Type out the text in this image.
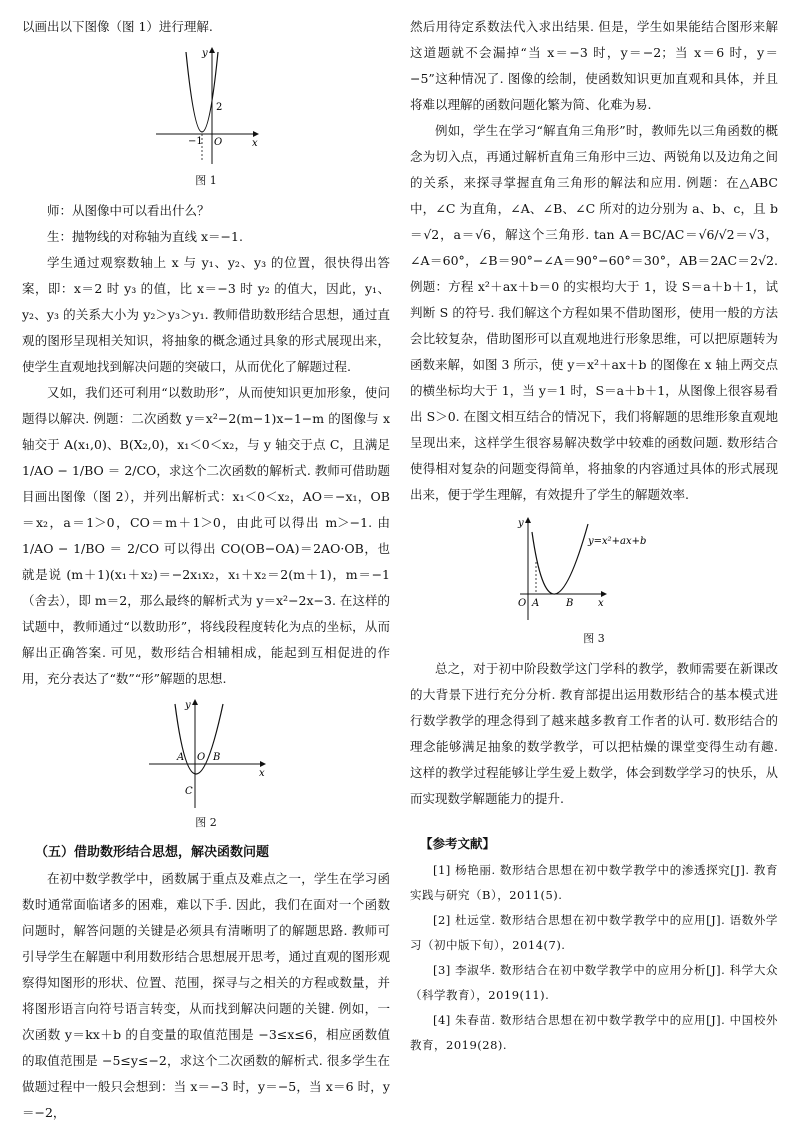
以画出以下图像（图 1）进行理解.

y
x
2
−1 O
图 1

师：从图像中可以看出什么？

生：抛物线的对称轴为直线 x＝−1.

学生通过观察数轴上 x 与 y₁、y₂、y₃ 的位置，很快得出答案，即：x＝2 时 y₃ 的值，比 x＝−3 时 y₂ 的值大，因此，y₁、y₂、y₃ 的关系大小为 y₂＞y₃＞y₁. 教师借助数形结合思想，通过直观的图形呈现相关知识，将抽象的概念通过具象的形式展现出来，使学生直观地找到解决问题的突破口，从而优化了解题过程.

又如，我们还可利用“以数助形”，从而使知识更加形象，使问题得以解决. 例题：二次函数 y＝x²−2(m−1)x−1−m 的图像与 x 轴交于 A(x₁,0)、B(X₂,0)，x₁＜0＜x₂，与 y 轴交于点 C，且满足 1/AO − 1/BO ＝ 2/CO，求这个二次函数的解析式. 教师可借助题目画出图像（图 2），并列出解析式：x₁＜0＜x₂，AO＝−x₁，OB＝x₂，a＝1＞0，CO＝m＋1＞0，由此可以得出 m＞−1. 由 1/AO − 1/BO ＝ 2/CO 可以得出 CO(OB−OA)＝2AO·OB，也就是说 (m＋1)(x₁＋x₂)＝−2x₁x₂，x₁＋x₂＝2(m＋1)，m＝−1（舍去），即 m＝2，那么最终的解析式为 y＝x²−2x−3. 在这样的试题中，教师通过“以数助形”，将线段程度转化为点的坐标，从而解出正确答案. 可见，数形结合相辅相成，能起到互相促进的作用，充分表达了“数”“形”解题的思想.

y
x
A O B
C
图 2
（五）借助数形结合思想，解决函数问题

在初中数学教学中，函数属于重点及难点之一，学生在学习函数时通常面临诸多的困难，难以下手. 因此，我们在面对一个函数问题时，解答问题的关键是必须具有清晰明了的解题思路. 教师可引导学生在解题中利用数形结合思想展开思考，通过直观的图形观察得知图形的形状、位置、范围，探寻与之相关的方程或数量，并将图形语言向符号语言转变，从而找到解决问题的关键. 例如，一次函数 y＝kx＋b 的自变量的取值范围是 −3≤x≤6，相应函数值的取值范围是 −5≤y≤−2，求这个二次函数的解析式. 很多学生在做题过程中一般只会想到：当 x＝−3 时，y＝−5，当 x＝6 时，y＝−2，

然后用待定系数法代入求出结果. 但是，学生如果能结合图形来解这道题就不会漏掉“当 x＝−3 时，y＝−2；当 x＝6 时，y＝−5”这种情况了. 图像的绘制，使函数知识更加直观和具体，并且将难以理解的函数问题化繁为简、化难为易.

例如，学生在学习“解直角三角形”时，教师先以三角函数的概念为切入点，再通过解析直角三角形中三边、两锐角以及边角之间的关系，来探寻掌握直角三角形的解法和应用. 例题：在△ABC 中，∠C 为直角，∠A、∠B、∠C 所对的边分别为 a、b、c，且 b＝√2，a＝√6，解这个三角形. tan A＝BC/AC＝√6/√2＝√3，∠A＝60°，∠B＝90°−∠A＝90°−60°＝30°，AB＝2AC＝2√2. 例题：方程 x²＋ax＋b＝0 的实根均大于 1，设 S＝a＋b＋1，试判断 S 的符号. 我们解这个方程如果不借助图形，使用一般的方法会比较复杂，借助图形可以直观地进行形象思维，可以把原题转为函数来解，如图 3 所示，使 y＝x²＋ax＋b 的图像在 x 轴上两交点的横坐标均大于 1，当 y＝1 时，S＝a＋b＋1，从图像上很容易看出 S＞0. 在图文相互结合的情况下，我们将解题的思维形象直观地呈现出来，这样学生很容易解决数学中较难的函数问题. 数形结合使得相对复杂的问题变得简单，将抽象的内容通过具体的形式展现出来，便于学生理解，有效提升了学生的解题效率.

y
x
y=x²+ax+b
O A	B
图 3

总之，对于初中阶段数学这门学科的教学，教师需要在新课改的大背景下进行充分分析. 教育部提出运用数形结合的基本模式进行数学教学的理念得到了越来越多教育工作者的认可. 数形结合的理念能够满足抽象的数学教学，可以把枯燥的课堂变得生动有趣. 这样的教学过程能够让学生爱上数学，体会到数学学习的快乐，从而实现数学解题能力的提升.

【参考文献】

[1] 杨艳丽. 数形结合思想在初中数学教学中的渗透探究[J]. 教育实践与研究（B），2011(5).

[2] 杜远堂. 数形结合思想在初中数学教学中的应用[J]. 语数外学习（初中版下旬），2014(7).

[3] 李淑华. 数形结合在初中数学教学中的应用分析[J]. 科学大众（科学教育），2019(11).

[4] 朱春苗. 数形结合思想在初中数学教学中的应用[J]. 中国校外教育，2019(28).
